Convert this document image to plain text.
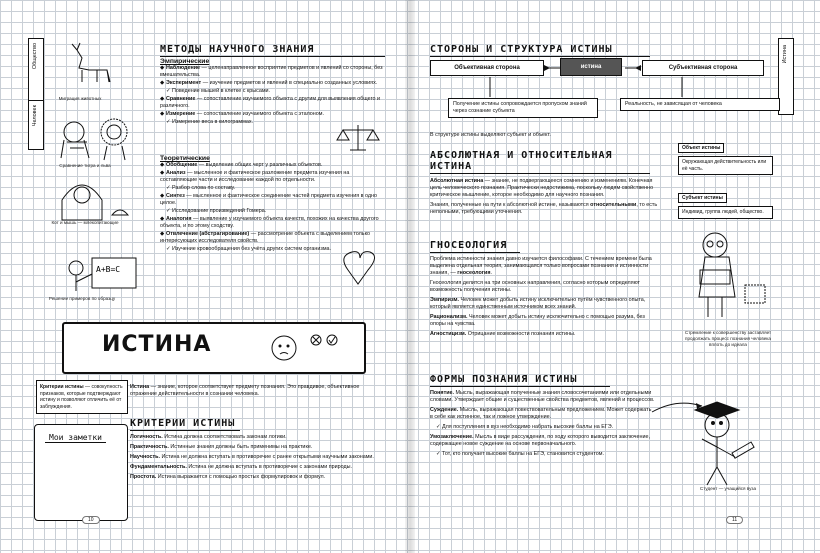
Общество
Человек
A+B=C
Миграция животных
Сравнение тигра и льва
Кот и мышь — млекопитающие
Решение примеров по образцу
МЕТОДЫ НАУЧНОГО ЗНАНИЯ
Эмпирические
◆ Наблюдение — целенаправленное восприятие предметов и явлений со стороны, без вмешательства.
◆ Эксперимент — изучение предметов и явлений в специально созданных условиях.
✓Поведение мышей в клетке с крысами.
◆ Сравнение — сопоставление изучаемого объекта с другим для выявления общего и различного.
◆ Измерение — сопоставление изучаемого объекта с эталоном.
✓Измерение веса в килограммах.
Теоретические
◆ Обобщение — выделение общих черт у различных объектов.
◆ Анализ — мысленное и фактическое разложение предмета изучения на составляющие части и исследование каждой по отдельности.
✓Разбор слова по составу.
◆ Синтез — мысленное и фактическое соединение частей предмета изучения в одно целое.
✓Исследование произведений Гомера.
◆ Аналогия — выявление у изучаемого объекта качеств, похожих на качества другого объекта, и по этому сходству.
◆ Отвлечение (абстрагирование) — рассмотрение объекта с выделением только интересующих исследователя свойств.
✓Изучение кровообращения без учёта других систем организма.
ИСТИНА
Критерии истины — совокупность признаков, которые подтверждают истину и позволяют отличить её от заблуждения.
Мои заметки
Истина — знание, которое соответствует предмету познания. Это правдивое, объективное отражение действительности в сознании человека.
КРИТЕРИИ ИСТИНЫ
Логичность. Истина должна соответствовать законам логики.
Практичность. Истинные знания должны быть применимы на практике.
Научность. Истина не должна вступать в противоречие с ранее открытыми научными законами.
Фундаментальность. Истина не должна вступать в противоречие с законами природы.
Простота. Истина выражается с помощью простых формулировок и формул.
10
Истина
СТОРОНЫ И СТРУКТУРА ИСТИНЫ
Объективная сторона	истина	Субъективная сторона
Получение истины сопровождается пропуском знаний через сознание субъекта
Реальность, не зависящая от человека
В структуре истины выделяют субъект и объект.
АБСОЛЮТНАЯ И ОТНОСИТЕЛЬНАЯ ИСТИНА
Абсолютная истина — знание, не подвергающееся сомнению и изменениям. Конечная цель человеческого познания. Практически недостижима, поскольку людям свойственно критическое мышление, которое необходимо для научного познания.
Знания, полученные на пути к абсолютной истине, называются относительными, то есть неполными, требующими уточнения.
Объект истины
Окружающая действительность или её часть.
Субъект истины
Индивид, группа людей, общество.
ГНОСЕОЛОГИЯ
Проблема истинности знания давно изучается философами. С течением времени была выделена отдельная теория, занимающаяся только вопросами познания и истинности знания, — гносеология.
Гносеология делится на три основных направления, согласно которым определяют возможность получения истины.
Эмпиризм. Человек может добыть истину исключительно путём чувственного опыта, который является единственным источником всех знаний.
Рационализм. Человек может добыть истину исключительно с помощью разума, без опоры на чувства.
Агностицизм. Отрицание возможности познания истины.
ФОРМЫ ПОЗНАНИЯ ИСТИНЫ
Понятие. Мысль, выражающая полученные знания словосочетаниями или отдельными словами. Утверждает общие и существенные свойства предметов, явлений и процессов.
Суждение. Мысль, выражающая повествовательным предложением. Может содержать в себе как истинное, так и ложное утверждение.
✓Для поступления в вуз необходимо набрать высокие баллы на ЕГЭ.
Умозаключение. Мысль в виде рассуждения, по ходу которого выводится заключение, содержащее новое суждение на основе первоначального.
✓Тот, кто получает высокие баллы на ЕГЭ, становится студентом.
Стремление к совершенству заставляет продолжать процесс познания человека вплоть до идеала
Студент — учащийся вуза
11
